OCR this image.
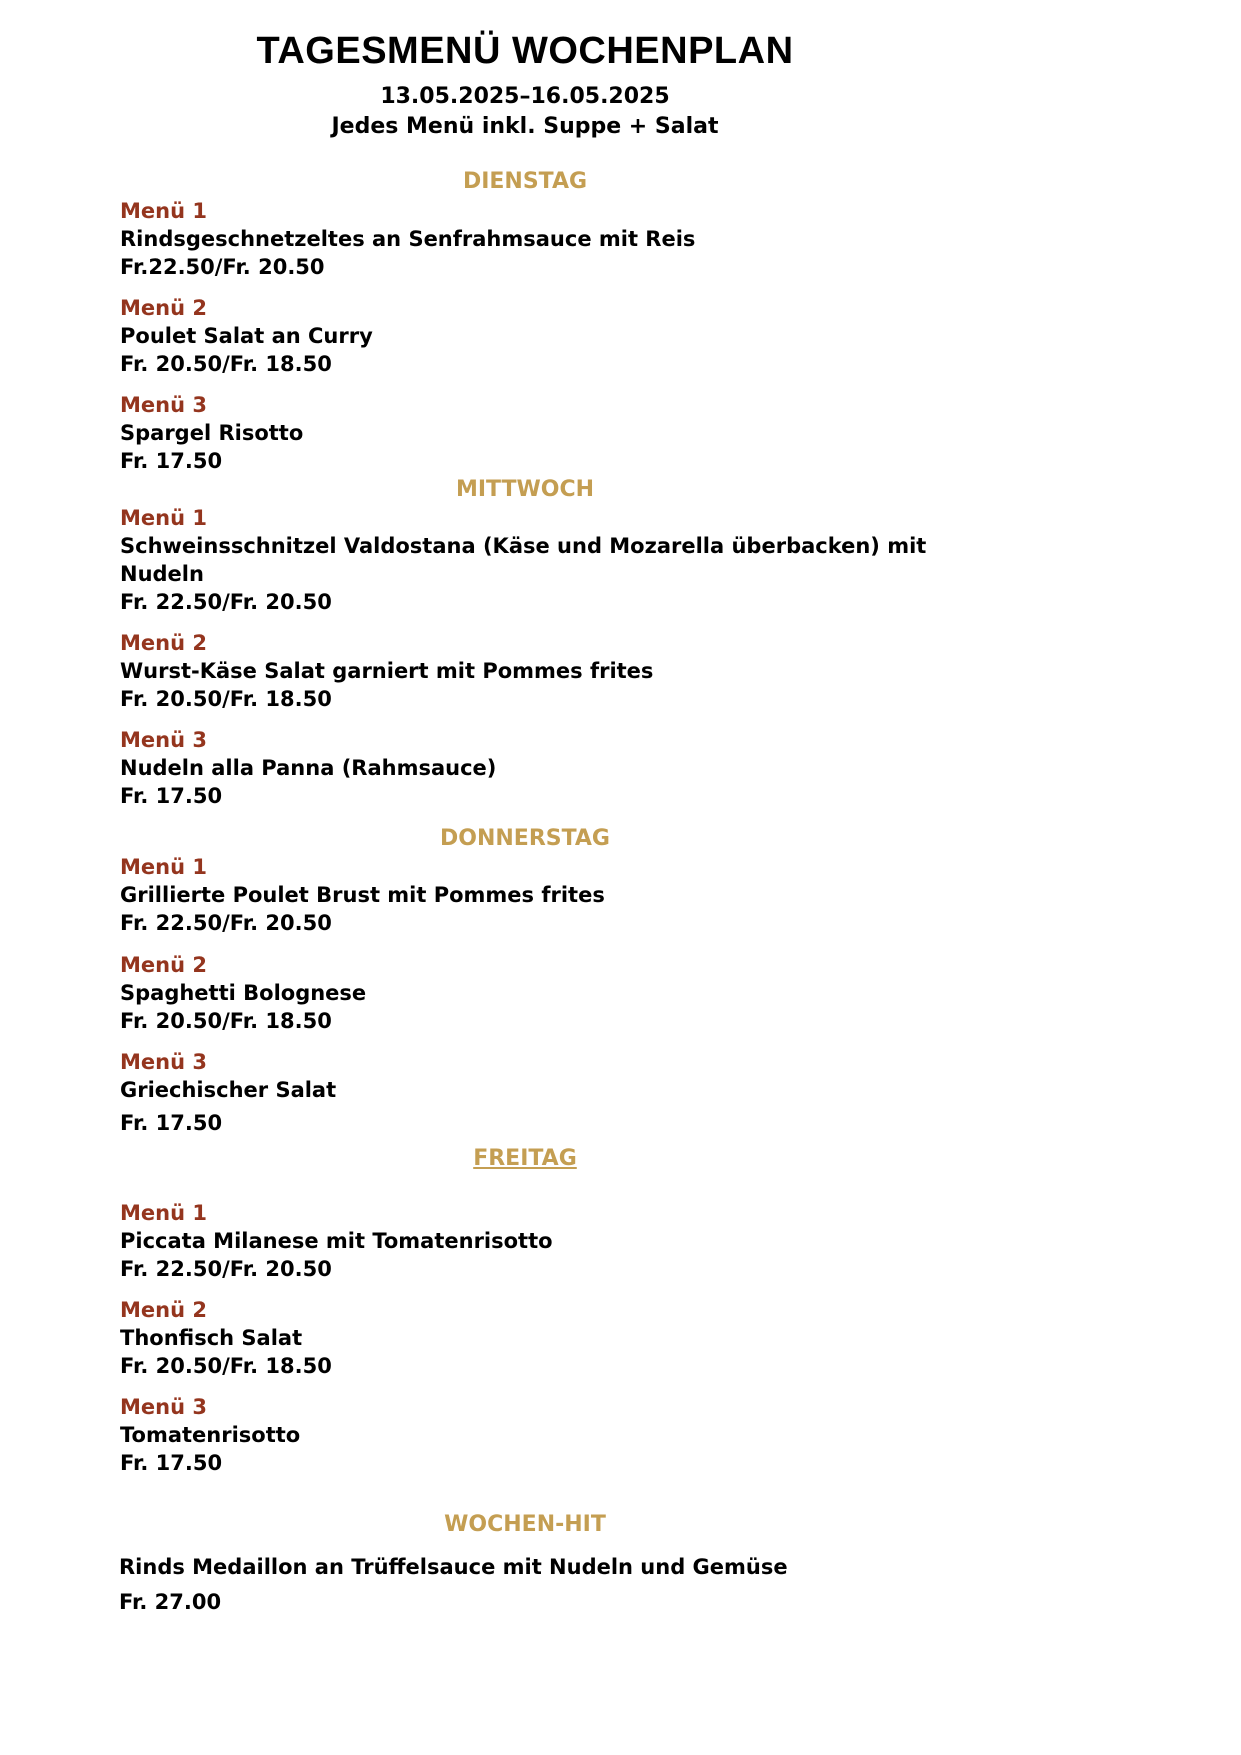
TAGESMENÜ WOCHENPLAN
13.05.2025–16.05.2025
Jedes Menü inkl. Suppe + Salat
DIENSTAG
Menü 1
Rindsgeschnetzeltes an Senfrahmsauce mit Reis
Fr.22.50/Fr. 20.50
Menü 2
Poulet Salat an Curry
Fr. 20.50/Fr. 18.50
Menü 3
Spargel Risotto
Fr. 17.50
MITTWOCH
Menü 1
Schweinsschnitzel Valdostana (Käse und Mozarella überbacken) mit
Nudeln
Fr. 22.50/Fr. 20.50
Menü 2
Wurst-Käse Salat garniert mit Pommes frites
Fr. 20.50/Fr. 18.50
Menü 3
Nudeln alla Panna (Rahmsauce)
Fr. 17.50
DONNERSTAG
Menü 1
Grillierte Poulet Brust mit Pommes frites
Fr. 22.50/Fr. 20.50
Menü 2
Spaghetti Bolognese
Fr. 20.50/Fr. 18.50
Menü 3
Griechischer Salat
Fr. 17.50
FREITAG
Menü 1
Piccata Milanese mit Tomatenrisotto
Fr. 22.50/Fr. 20.50
Menü 2
Thonfisch Salat
Fr. 20.50/Fr. 18.50
Menü 3
Tomatenrisotto
Fr. 17.50
WOCHEN-HIT
Rinds Medaillon an Trüffelsauce mit Nudeln und Gemüse
Fr. 27.00
